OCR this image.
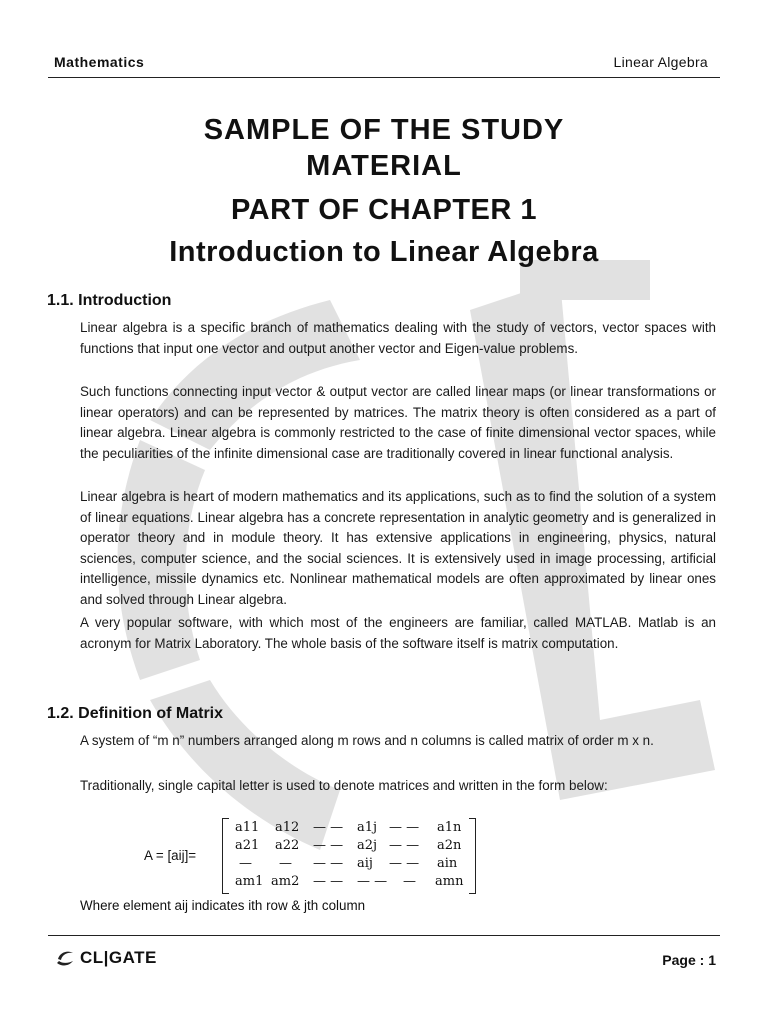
Mathematics	Linear Algebra
SAMPLE OF THE STUDY
MATERIAL
PART OF CHAPTER 1
Introduction to Linear Algebra
1.1. Introduction
Linear algebra is a specific branch of mathematics dealing with the study of vectors, vector spaces with functions that input one vector and output another vector and Eigen-value problems.
Such functions connecting input vector & output vector are called linear maps (or linear transformations or linear operators) and can be represented by matrices. The matrix theory is often considered as a part of linear algebra. Linear algebra is commonly restricted to the case of finite dimensional vector spaces, while the peculiarities of the infinite dimensional case are traditionally covered in linear functional analysis.
Linear algebra is heart of modern mathematics and its applications, such as to find the solution of a system of linear equations. Linear algebra has a concrete representation in analytic geometry and is generalized in operator theory and in module theory. It has extensive applications in engineering, physics, natural sciences, computer science, and the social sciences. It is extensively used in image processing, artificial intelligence, missile dynamics etc. Nonlinear mathematical models are often approximated by linear ones and solved through Linear algebra.
A very popular software, with which most of the engineers are familiar, called MATLAB. Matlab is an acronym for Matrix Laboratory. The whole basis of the software itself is matrix computation.
1.2. Definition of Matrix
A system of “m n” numbers arranged along m rows and n columns is called matrix of order m x n.
Traditionally, single capital letter is used to denote matrices and written in the form below:
A = [aij]=
a11 a12 — — a1j — — a1n
a21 a22 — — a2j — — a2n
— — — — aij — — ain
am1 am2 — — — — — amn
Where element aij indicates ith row & jth column
CL|GATE	Page : 1
